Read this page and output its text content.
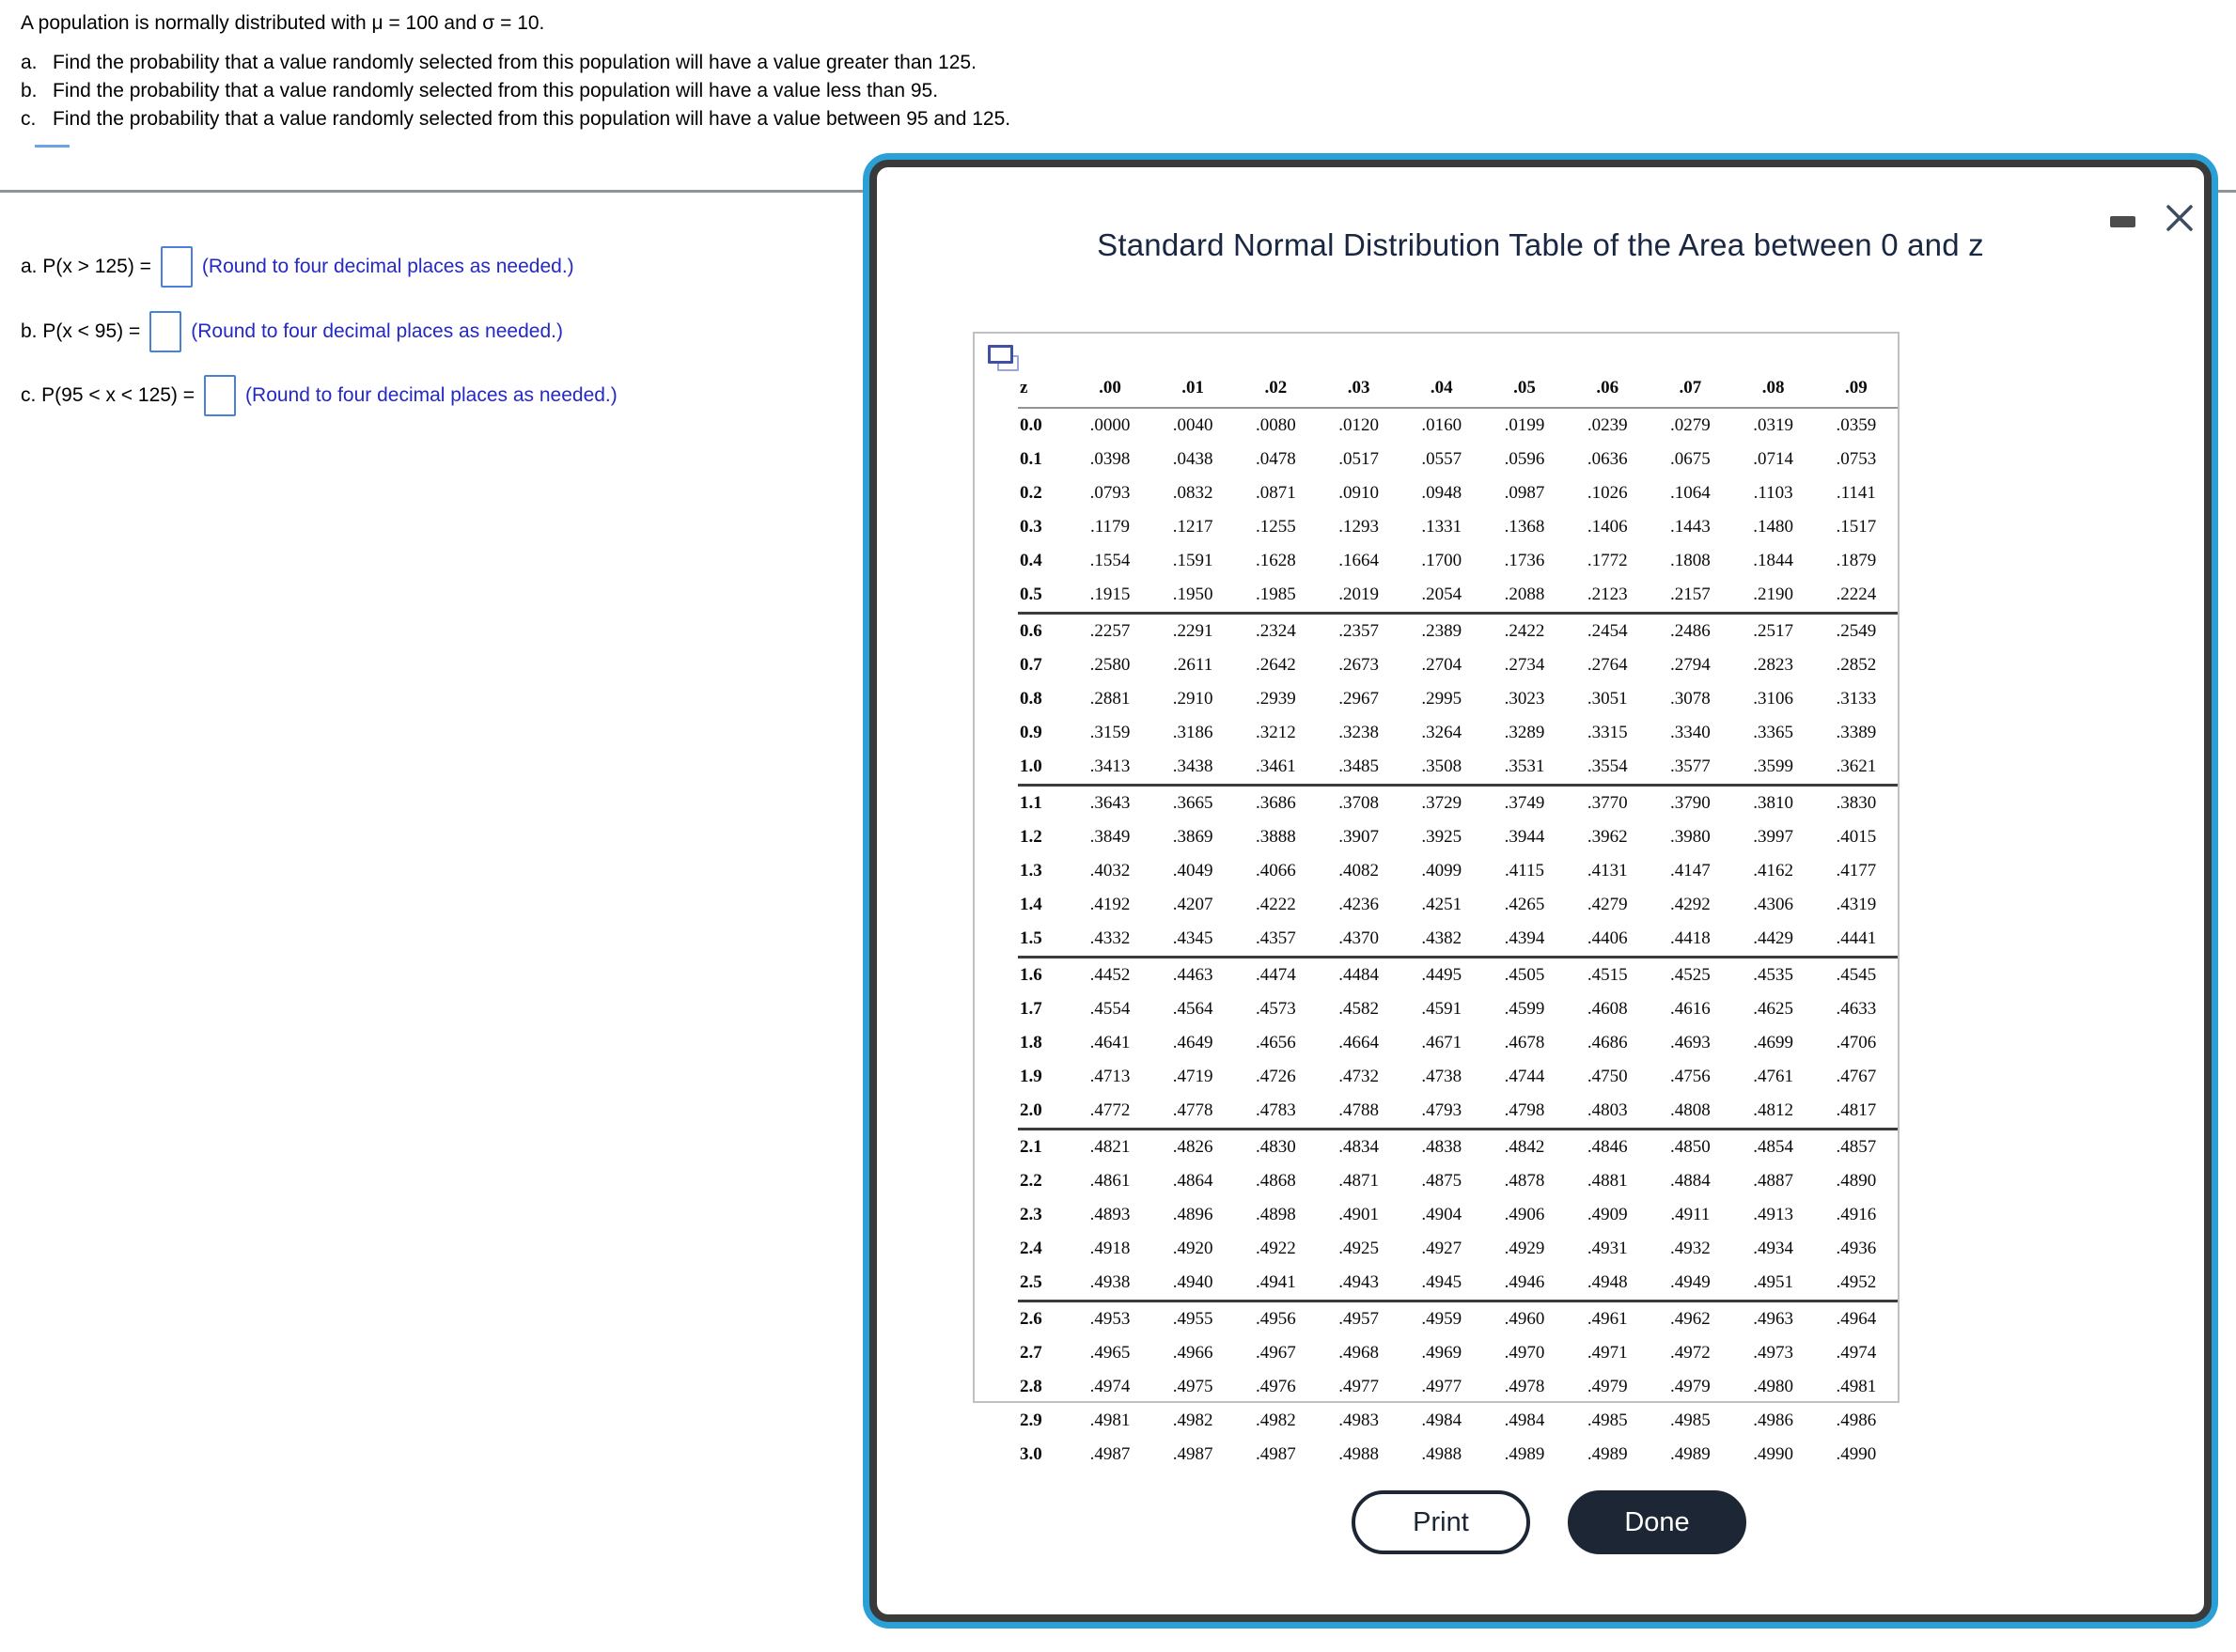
A population is normally distributed with μ = 100 and σ = 10.
a. Find the probability that a value randomly selected from this population will have a value greater than 125.
b. Find the probability that a value randomly selected from this population will have a value less than 95.
c. Find the probability that a value randomly selected from this population will have a value between 95 and 125.
a. P(x > 125) =	(Round to four decimal places as needed.)
b. P(x < 95) =	(Round to four decimal places as needed.)
c. P(95 < x < 125) =	(Round to four decimal places as needed.)
Standard Normal Distribution Table of the Area between 0 and z
z	.00	.01	.02	.03	.04	.05	.06	.07	.08	.09
0.0	.0000	.0040	.0080	.0120	.0160	.0199	.0239	.0279	.0319	.0359
0.1	.0398	.0438	.0478	.0517	.0557	.0596	.0636	.0675	.0714	.0753
0.2	.0793	.0832	.0871	.0910	.0948	.0987	.1026	.1064	.1103	.1141
0.3	.1179	.1217	.1255	.1293	.1331	.1368	.1406	.1443	.1480	.1517
0.4	.1554	.1591	.1628	.1664	.1700	.1736	.1772	.1808	.1844	.1879
0.5	.1915	.1950	.1985	.2019	.2054	.2088	.2123	.2157	.2190	.2224
0.6	.2257	.2291	.2324	.2357	.2389	.2422	.2454	.2486	.2517	.2549
0.7	.2580	.2611	.2642	.2673	.2704	.2734	.2764	.2794	.2823	.2852
0.8	.2881	.2910	.2939	.2967	.2995	.3023	.3051	.3078	.3106	.3133
0.9	.3159	.3186	.3212	.3238	.3264	.3289	.3315	.3340	.3365	.3389
1.0	.3413	.3438	.3461	.3485	.3508	.3531	.3554	.3577	.3599	.3621
1.1	.3643	.3665	.3686	.3708	.3729	.3749	.3770	.3790	.3810	.3830
1.2	.3849	.3869	.3888	.3907	.3925	.3944	.3962	.3980	.3997	.4015
1.3	.4032	.4049	.4066	.4082	.4099	.4115	.4131	.4147	.4162	.4177
1.4	.4192	.4207	.4222	.4236	.4251	.4265	.4279	.4292	.4306	.4319
1.5	.4332	.4345	.4357	.4370	.4382	.4394	.4406	.4418	.4429	.4441
1.6	.4452	.4463	.4474	.4484	.4495	.4505	.4515	.4525	.4535	.4545
1.7	.4554	.4564	.4573	.4582	.4591	.4599	.4608	.4616	.4625	.4633
1.8	.4641	.4649	.4656	.4664	.4671	.4678	.4686	.4693	.4699	.4706
1.9	.4713	.4719	.4726	.4732	.4738	.4744	.4750	.4756	.4761	.4767
2.0	.4772	.4778	.4783	.4788	.4793	.4798	.4803	.4808	.4812	.4817
2.1	.4821	.4826	.4830	.4834	.4838	.4842	.4846	.4850	.4854	.4857
2.2	.4861	.4864	.4868	.4871	.4875	.4878	.4881	.4884	.4887	.4890
2.3	.4893	.4896	.4898	.4901	.4904	.4906	.4909	.4911	.4913	.4916
2.4	.4918	.4920	.4922	.4925	.4927	.4929	.4931	.4932	.4934	.4936
2.5	.4938	.4940	.4941	.4943	.4945	.4946	.4948	.4949	.4951	.4952
2.6	.4953	.4955	.4956	.4957	.4959	.4960	.4961	.4962	.4963	.4964
2.7	.4965	.4966	.4967	.4968	.4969	.4970	.4971	.4972	.4973	.4974
2.8	.4974	.4975	.4976	.4977	.4977	.4978	.4979	.4979	.4980	.4981
2.9	.4981	.4982	.4982	.4983	.4984	.4984	.4985	.4985	.4986	.4986
3.0	.4987	.4987	.4987	.4988	.4988	.4989	.4989	.4989	.4990	.4990
Print	Done
